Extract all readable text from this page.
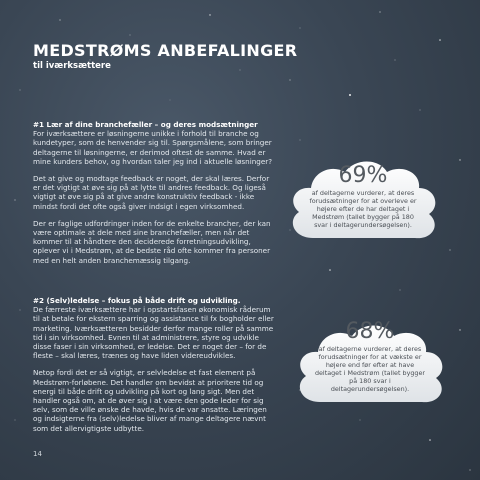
MEDSTRØMS ANBEFALINGER
til iværksættere

#1 Lær af dine branchefæller – og deres modsætninger
For iværksættere er løsningerne unikke i forhold til branche og kundetyper, som de henvender sig til. Spørgsmålene, som bringer deltagerne til løsningerne, er derimod oftest de samme. Hvad er mine kunders behov, og hvordan taler jeg ind i aktuelle løsninger?

Det at give og modtage feedback er noget, der skal læres. Derfor er det vigtigt at øve sig på at lytte til andres feedback. Og ligeså vigtigt at øve sig på at give andre konstruktiv feedback - ikke mindst fordi det ofte også giver indsigt i egen virksomhed.

Der er faglige udfordringer inden for de enkelte brancher, der kan være optimale at dele med sine branchefæller, men når det kommer til at håndtere den deciderede forretningsudvikling, oplever vi i Medstrøm, at de bedste råd ofte kommer fra personer med en helt anden branchemæssig tilgang.

#2 (Selv)ledelse – fokus på både drift og udvikling.
De færreste iværksættere har i opstartsfasen økonomisk råderum til at betale for ekstern sparring og assistance til fx bogholder eller marketing. Iværksætteren besidder derfor mange roller på samme tid i sin virksomhed. Evnen til at administrere, styre og udvikle disse faser i sin virksomhed, er ledelse. Det er noget der – for de fleste – skal læres, trænes og have liden videreudvikles.

Netop fordi det er så vigtigt, er selvledelse et fast element på Medstrøm-forløbene. Det handler om bevidst at prioritere tid og energi til både drift og udvikling på kort og lang sigt. Men det handler også om, at de øver sig i at være den gode leder for sig selv, som de ville ønske de havde, hvis de var ansatte. Læringen og indsigterne fra (selv)ledelse bliver af mange deltagere nævnt som det allervigtigste udbytte.

69%
af deltagerne vurderer, at deres forudsætninger for at overleve er højere efter de har deltaget i Medstrøm (tallet bygger på 180 svar i deltagerundersøgelsen).
68%
af deltagerne vurderer, at deres forudsætninger for at vækste er højere end før efter at have deltaget i Medstrøm (tallet bygger på 180 svar i deltagerundersøgelsen).
14
